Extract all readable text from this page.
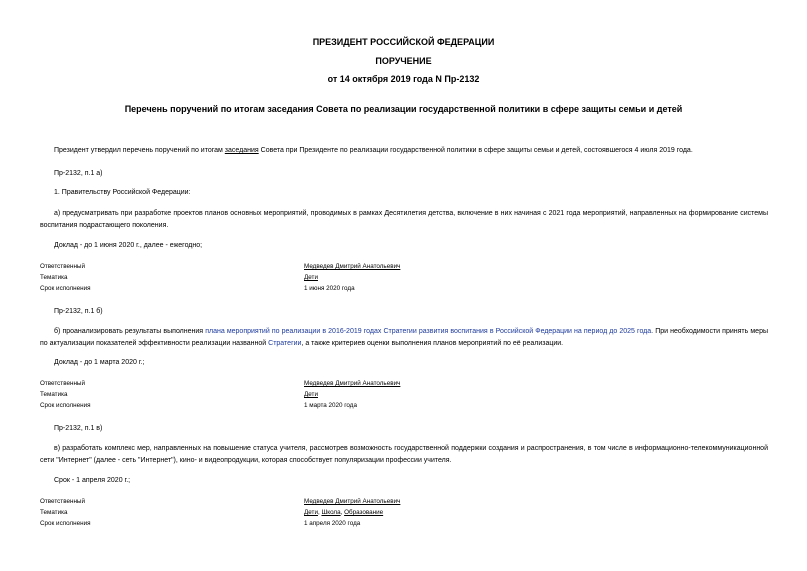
ПРЕЗИДЕНТ РОССИЙСКОЙ ФЕДЕРАЦИИ
ПОРУЧЕНИЕ
от 14 октября 2019 года N Пр-2132
Перечень поручений по итогам заседания Совета по реализации государственной политики в сфере защиты семьи и детей
Президент утвердил перечень поручений по итогам заседания Совета при Президенте по реализации государственной политики в сфере защиты семьи и детей, состоявшегося 4 июля 2019 года.
Пр-2132, п.1 а)
1. Правительству Российской Федерации:
а) предусматривать при разработке проектов планов основных мероприятий, проводимых в рамках Десятилетия детства, включение в них начиная с 2021 года мероприятий, направленных на формирование системы воспитания подрастающего поколения.
Доклад - до 1 июня 2020 г., далее - ежегодно;
Ответственный	Медведев Дмитрий Анатольевич
Тематика	Дети
Срок исполнения	1 июня 2020 года
Пр-2132, п.1 б)
б) проанализировать результаты выполнения плана мероприятий по реализации в 2016-2019 годах Стратегии развития воспитания в Российской Федерации на период до 2025 года. При необходимости принять меры по актуализации показателей эффективности реализации названной Стратегии, а также критериев оценки выполнения планов мероприятий по её реализации.
Доклад - до 1 марта 2020 г.;
Ответственный	Медведев Дмитрий Анатольевич
Тематика	Дети
Срок исполнения	1 марта 2020 года
Пр-2132, п.1 в)
в) разработать комплекс мер, направленных на повышение статуса учителя, рассмотрев возможность государственной поддержки создания и распространения, в том числе в информационно-телекоммуникационной сети "Интернет" (далее - сеть "Интернет"), кино- и видеопродукции, которая способствует популяризации профессии учителя.
Срок - 1 апреля 2020 г.;
Ответственный	Медведев Дмитрий Анатольевич
Тематика	Дети, Школа, Образование
Срок исполнения	1 апреля 2020 года
